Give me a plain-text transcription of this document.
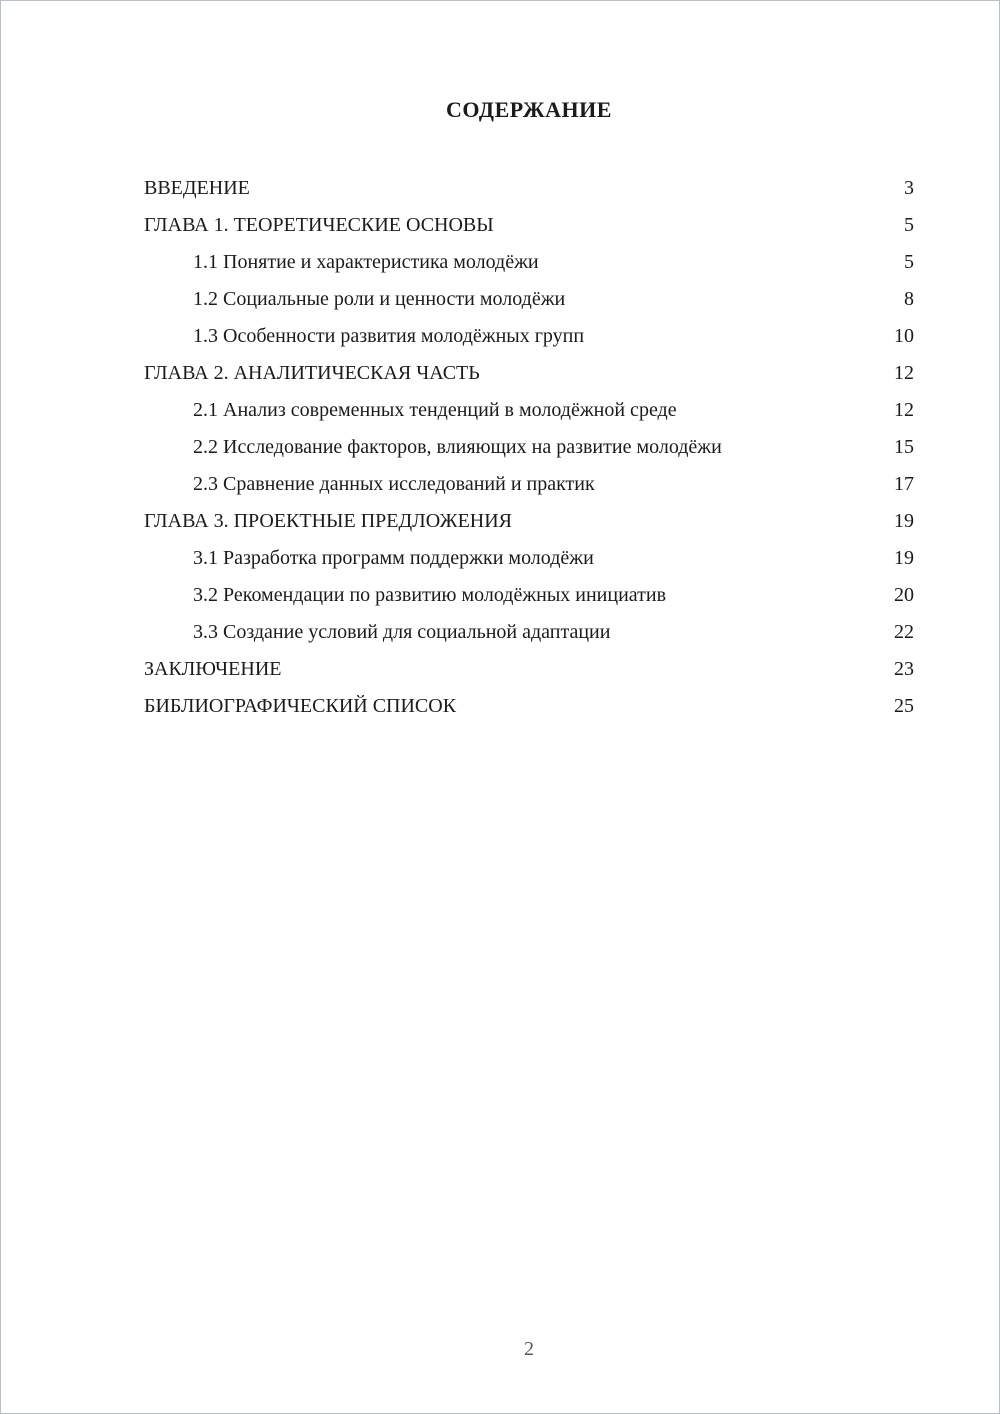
СОДЕРЖАНИЕ
ВВЕДЕНИЕ	3
ГЛАВА 1. ТЕОРЕТИЧЕСКИЕ ОСНОВЫ	5
1.1 Понятие и характеристика молодёжи	5
1.2 Социальные роли и ценности молодёжи	8
1.3 Особенности развития молодёжных групп	10
ГЛАВА 2. АНАЛИТИЧЕСКАЯ ЧАСТЬ	12
2.1 Анализ современных тенденций в молодёжной среде	12
2.2 Исследование факторов, влияющих на развитие молодёжи	15
2.3 Сравнение данных исследований и практик	17
ГЛАВА 3. ПРОЕКТНЫЕ ПРЕДЛОЖЕНИЯ	19
3.1 Разработка программ поддержки молодёжи	19
3.2 Рекомендации по развитию молодёжных инициатив	20
3.3 Создание условий для социальной адаптации	22
ЗАКЛЮЧЕНИЕ	23
БИБЛИОГРАФИЧЕСКИЙ СПИСОК	25
2
